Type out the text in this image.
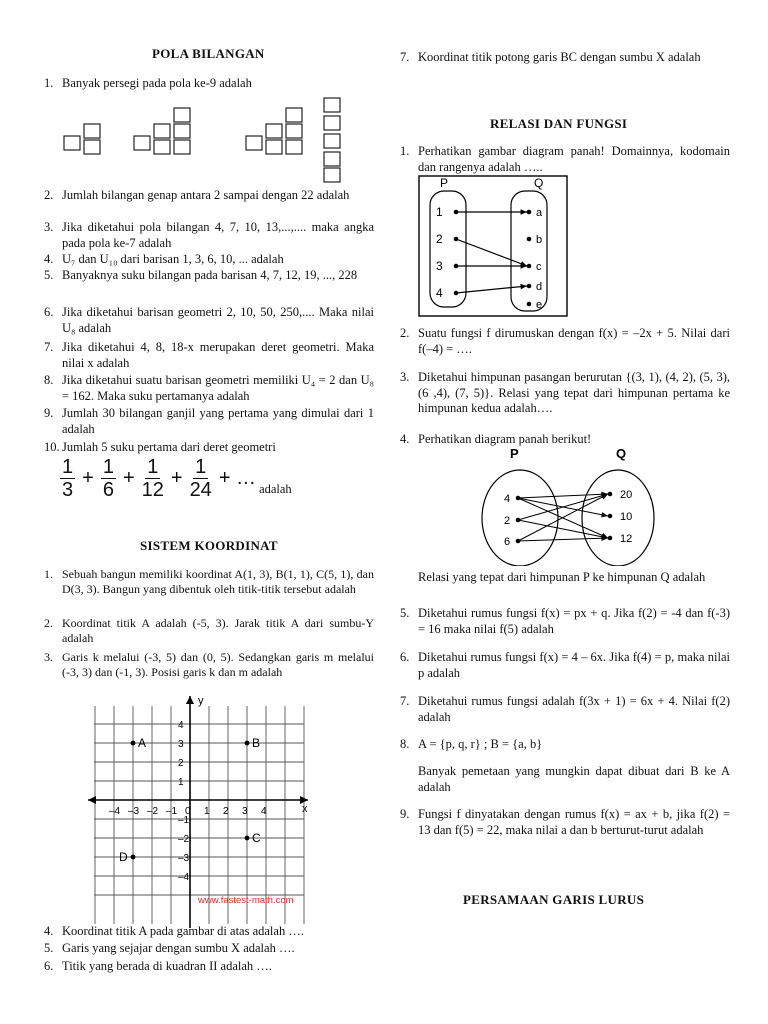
POLA BILANGAN
1. Banyak persegi pada pola ke-9 adalah
2. Jumlah bilangan genap antara 2 sampai dengan 22 adalah
3. Jika diketahui pola bilangan 4, 7, 10, 13,...,.... maka angka pada pola ke-7 adalah
4. U₇ dan U₁₀ dari barisan 1, 3, 6, 10, ... adalah
5. Banyaknya suku bilangan pada barisan 4, 7, 12, 19, ..., 228
6. Jika diketahui barisan geometri 2, 10, 50, 250,.... Maka nilai U₈ adalah
7. Jika diketahui 4, 8, 18-x merupakan deret geometri. Maka nilai x adalah
8. Jika diketahui suatu barisan geometri memiliki U₄ = 2 dan U₈ = 162. Maka suku pertamanya adalah
9. Jumlah 30 bilangan ganjil yang pertama yang dimulai dari 1 adalah
10. Jumlah 5 suku pertama dari deret geometri
$\frac{1}{3} + \frac{1}{6} + \frac{1}{12} + \frac{1}{24}$ + … adalah
SISTEM KOORDINAT
1. Sebuah bangun memiliki koordinat A(1, 3), B(1, 1), C(5, 1), dan D(3, 3). Bangun yang dibentuk oleh titik-titik tersebut adalah
2. Koordinat titik A adalah (-5, 3). Jarak titik A dari sumbu-Y adalah
3. Garis k melalui (-3, 5) dan (0, 5). Sedangkan garis m melalui (-3, 3) dan (-1, 3). Posisi garis k dan m adalah
x
y
–4 –3 –2 –1 0 1 2 3 4
4
3
2
1
–1
–2
–3
–4
A	B
C
D
www.fastest-math.com
4. Koordinat titik A pada gambar di atas adalah ….
5. Garis yang sejajar dengan sumbu X adalah ….
6. Titik yang berada di kuadran II adalah ….
7. Koordinat titik potong garis BC dengan sumbu X adalah
RELASI DAN FUNGSI
1. Perhatikan gambar diagram panah! Domainnya, kodomain dan rangenya adalah …..
P	Q
1
2
3
4
a
b
c
d
e
2. Suatu fungsi f dirumuskan dengan f(x) = –2x + 5. Nilai dari f(–4) = ….
3. Diketahui himpunan pasangan berurutan {(3, 1), (4, 2), (5, 3), (6 ,4), (7, 5)}. Relasi yang tepat dari himpunan pertama ke himpunan kedua adalah….
4. Perhatikan diagram panah berikut!
P	Q
4
2
6
20
10
12
Relasi yang tepat dari himpunan P ke himpunan Q adalah
5. Diketahui rumus fungsi f(x) = px + q. Jika f(2) = -4 dan f(-3) = 16 maka nilai f(5) adalah
6. Diketahui rumus fungsi f(x) = 4 – 6x. Jika f(4) = p, maka nilai p adalah
7. Diketahui rumus fungsi adalah f(3x + 1) = 6x + 4. Nilai f(2) adalah
8. A = {p, q, r} ; B = {a, b}
Banyak pemetaan yang mungkin dapat dibuat dari B ke A adalah
9. Fungsi f dinyatakan dengan rumus f(x) = ax + b, jika f(2) = 13 dan f(5) = 22, maka nilai a dan b berturut-turut adalah
PERSAMAAN GARIS LURUS
